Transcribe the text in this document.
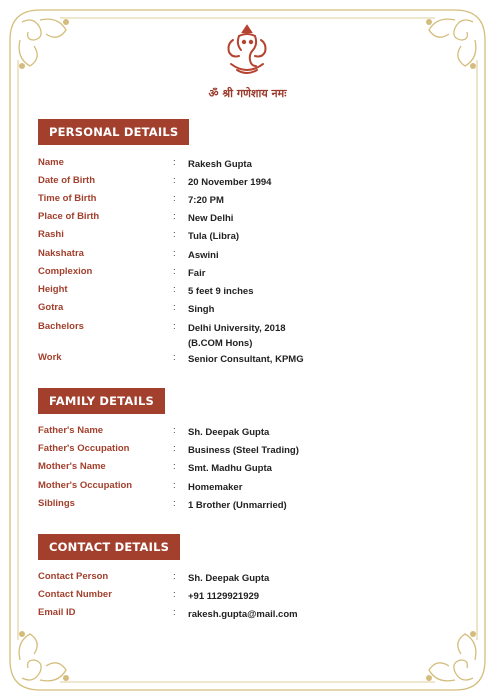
ॐ श्री गणेशाय नमः
PERSONAL DETAILS
Name	: Rakesh Gupta
Date of Birth	: 20 November 1994
Time of Birth	: 7:20 PM
Place of Birth	: New Delhi
Rashi	: Tula (Libra)
Nakshatra	: Aswini
Complexion	: Fair
Height	: 5 feet 9 inches
Gotra	: Singh
Bachelors	: Delhi University, 2018
(B.COM Hons)
Work	: Senior Consultant, KPMG
FAMILY DETAILS
Father's Name	: Sh. Deepak Gupta
Father's Occupation	: Business (Steel Trading)
Mother's Name	: Smt. Madhu Gupta
Mother's Occupation	: Homemaker
Siblings	: 1 Brother (Unmarried)
CONTACT DETAILS
Contact Person	: Sh. Deepak Gupta
Contact Number	: +91 1129921929
Email ID	: rakesh.gupta@mail.com
